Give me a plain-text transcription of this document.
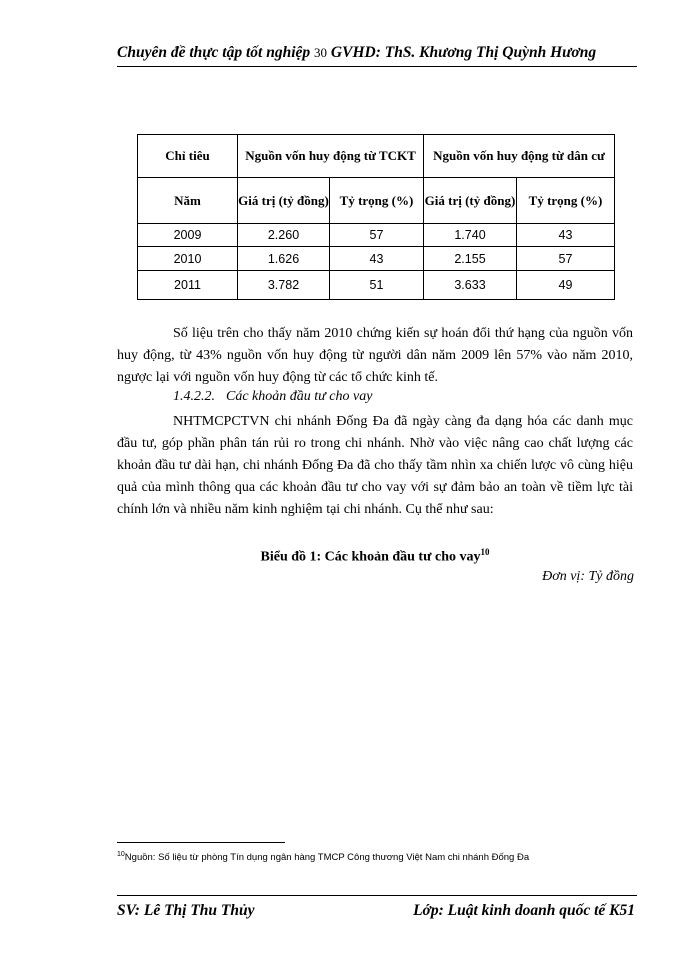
Chuyên đề thực tập tốt nghiệp 30 GVHD: ThS. Khương Thị Quỳnh Hương
Chỉ tiêu	Nguồn vốn huy động từ TCKT		Nguồn vốn huy động từ dân cư	
Năm	Giá trị (tỷ đồng)	Tỷ trọng (%)	Giá trị (tỷ đồng)	Tỷ trọng (%)
2009	2.260	57	1.740	43
2010	1.626	43	2.155	57
2011	3.782	51	3.633	49
Số liệu trên cho thấy năm 2010 chứng kiến sự hoán đổi thứ hạng của nguồn vốn huy động, từ 43% nguồn vốn huy động từ người dân năm 2009 lên 57% vào năm 2010, ngược lại với nguồn vốn huy động từ các tổ chức kinh tế.
1.4.2.2. Các khoản đầu tư cho vay
NHTMCPCTVN chi nhánh Đống Đa đã ngày càng đa dạng hóa các danh mục đầu tư, góp phần phân tán rủi ro trong chi nhánh. Nhờ vào việc nâng cao chất lượng các khoản đầu tư dài hạn, chi nhánh Đống Đa đã cho thấy tầm nhìn xa chiến lược vô cùng hiệu quả của mình thông qua các khoản đầu tư cho vay với sự đảm bảo an toàn về tiềm lực tài chính lớn và nhiều năm kinh nghiệm tại chi nhánh. Cụ thể như sau:
Biểu đồ 1: Các khoản đầu tư cho vay$^{10}$
Đơn vị: Tỷ đồng
$^{10}$Nguồn: Số liệu từ phòng Tín dụng ngân hàng TMCP Công thương Việt Nam chi nhánh Đống Đa
SV: Lê Thị Thu Thủy	Lớp: Luật kinh doanh quốc tế K51
